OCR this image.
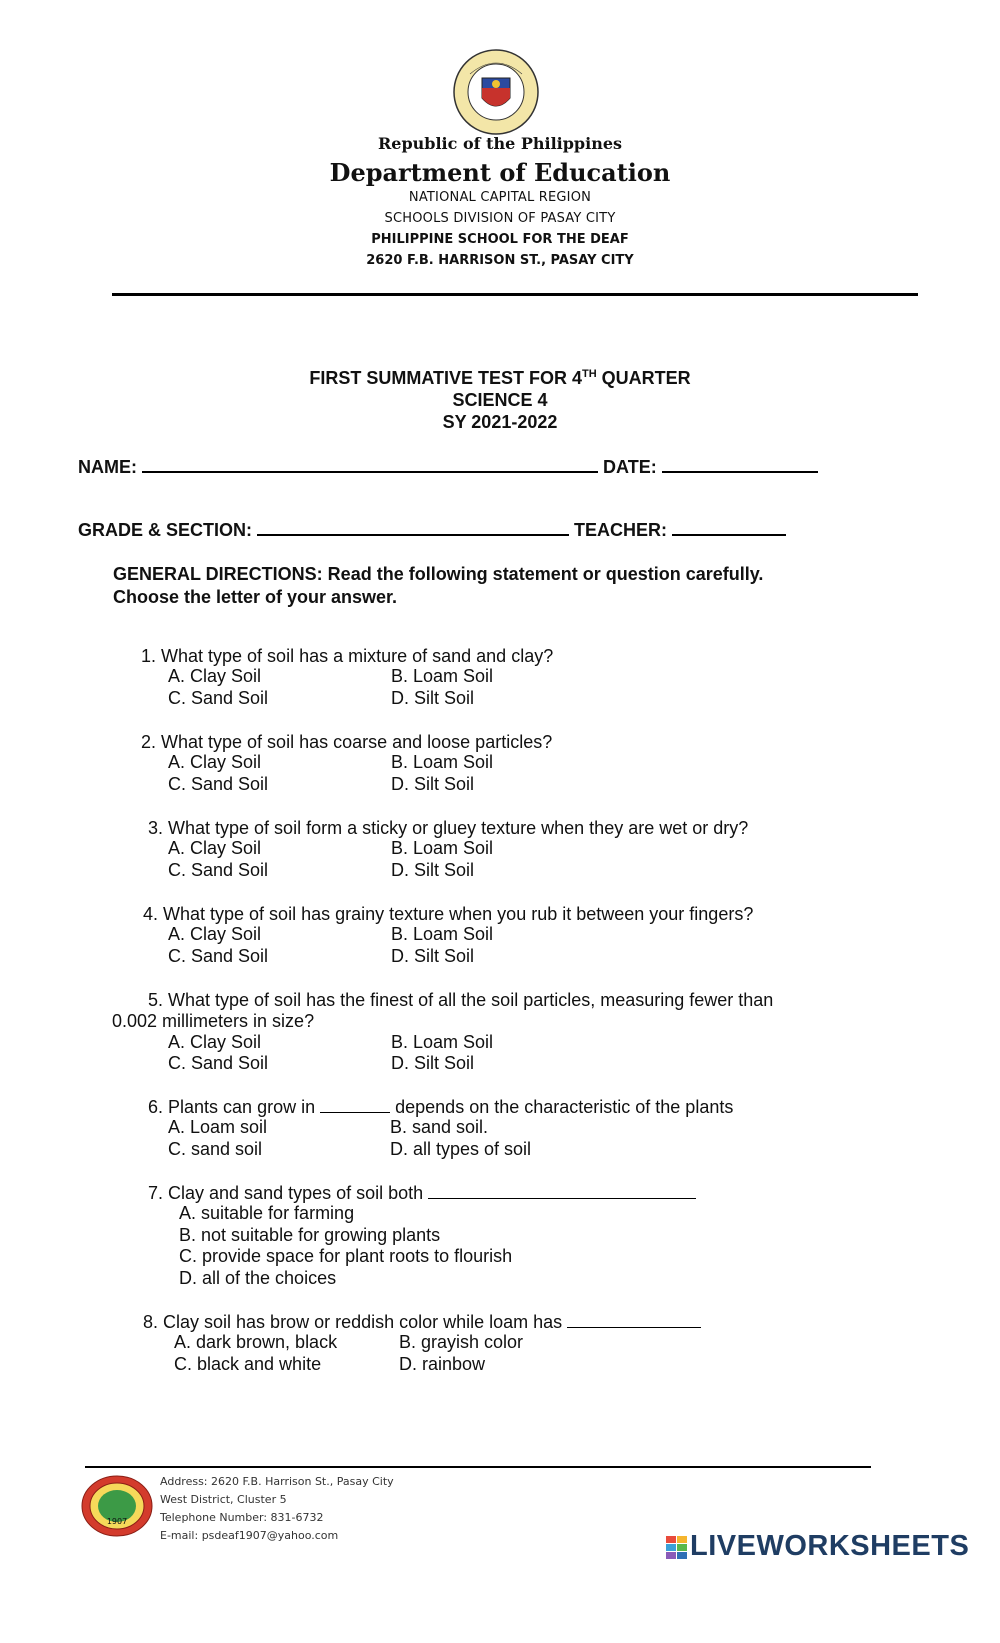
Republic of the Philippines
Department of Education
NATIONAL CAPITAL REGION
SCHOOLS DIVISION OF PASAY CITY
PHILIPPINE SCHOOL FOR THE DEAF
2620 F.B. HARRISON ST., PASAY CITY
FIRST SUMMATIVE TEST FOR 4TH QUARTER
SCIENCE 4
SY 2021-2022
NAME:	DATE:
GRADE & SECTION:	TEACHER:
GENERAL DIRECTIONS: Read the following statement or question carefully.
Choose the letter of your answer.
1. What type of soil has a mixture of sand and clay?
A. Clay Soil	B. Loam Soil
C. Sand Soil	D. Silt Soil
2. What type of soil has coarse and loose particles?
A. Clay Soil	B. Loam Soil
C. Sand Soil	D. Silt Soil
3. What type of soil form a sticky or gluey texture when they are wet or dry?
A. Clay Soil	B. Loam Soil
C. Sand Soil	D. Silt Soil
4. What type of soil has grainy texture when you rub it between your fingers?
A. Clay Soil	B. Loam Soil
C. Sand Soil	D. Silt Soil
5. What type of soil has the finest of all the soil particles, measuring fewer than
0.002 millimeters in size?
A. Clay Soil	B. Loam Soil
C. Sand Soil	D. Silt Soil
6. Plants can grow in	depends on the characteristic of the plants
A. Loam soil	B. sand soil.
C. sand soil	D. all types of soil
7. Clay and sand types of soil both
A. suitable for farming
B. not suitable for growing plants
C. provide space for plant roots to flourish
D. all of the choices
8. Clay soil has brow or reddish color while loam has
A. dark brown, black	B. grayish color
C. black and white	D. rainbow
1907
Address: 2620 F.B. Harrison St., Pasay City
West District, Cluster 5
Telephone Number: 831-6732
E-mail: psdeaf1907@yahoo.com	LIVEWORKSHEETS
